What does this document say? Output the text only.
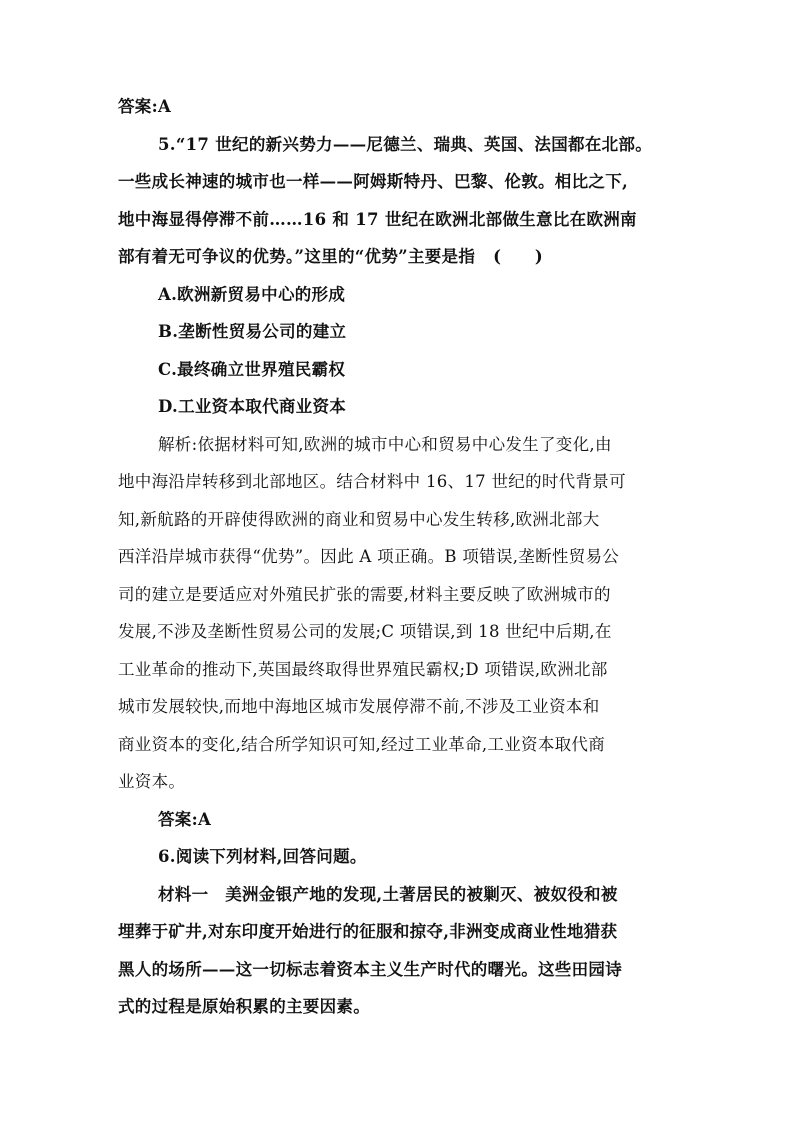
答案:A
5.“17 世纪的新兴势力——尼德兰、瑞典、英国、法国都在北部。
一些成长神速的城市也一样——阿姆斯特丹、巴黎、伦敦。相比之下,
地中海显得停滞不前……16 和 17 世纪在欧洲北部做生意比在欧洲南
部有着无可争议的优势。”这里的“优势”主要是指 (　　)
A.欧洲新贸易中心的形成
B.垄断性贸易公司的建立
C.最终确立世界殖民霸权
D.工业资本取代商业资本
解析:依据材料可知,欧洲的城市中心和贸易中心发生了变化,由
地中海沿岸转移到北部地区。结合材料中 16、17 世纪的时代背景可
知,新航路的开辟使得欧洲的商业和贸易中心发生转移,欧洲北部大
西洋沿岸城市获得“优势”。因此 A 项正确。B 项错误,垄断性贸易公
司的建立是要适应对外殖民扩张的需要,材料主要反映了欧洲城市的
发展,不涉及垄断性贸易公司的发展;C 项错误,到 18 世纪中后期,在
工业革命的推动下,英国最终取得世界殖民霸权;D 项错误,欧洲北部
城市发展较快,而地中海地区城市发展停滞不前,不涉及工业资本和
商业资本的变化,结合所学知识可知,经过工业革命,工业资本取代商
业资本。
答案:A
6.阅读下列材料,回答问题。
材料一　美洲金银产地的发现,土著居民的被剿灭、被奴役和被
埋葬于矿井,对东印度开始进行的征服和掠夺,非洲变成商业性地猎获
黑人的场所——这一切标志着资本主义生产时代的曙光。这些田园诗
式的过程是原始积累的主要因素。
